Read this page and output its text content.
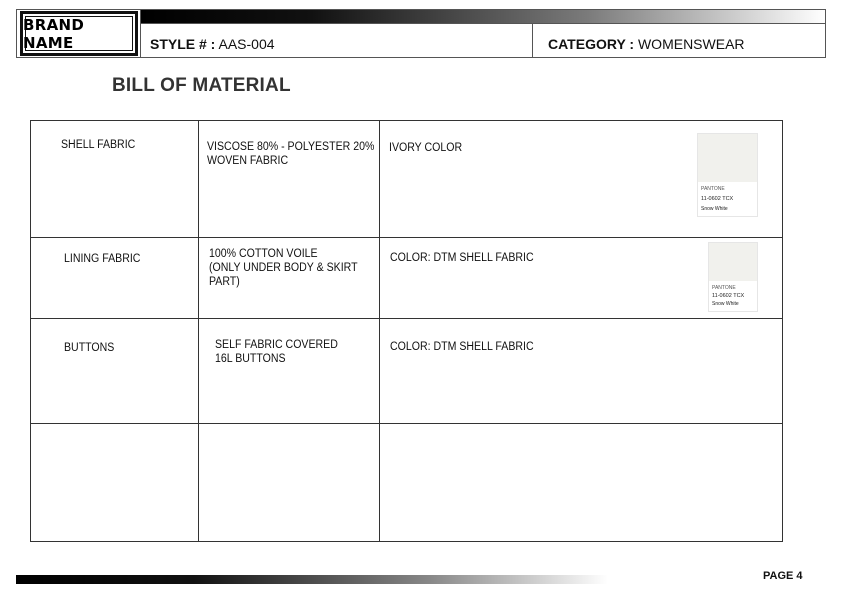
BRAND NAME	STYLE # : AAS-004	CATEGORY : WOMENSWEAR
BILL OF MATERIAL
SHELL FABRIC	VISCOSE 80% - POLYESTER 20%
WOVEN FABRIC
IVORY COLOR
PANTONE
11-0602 TCX
Snow White
LINING FABRIC	100% COTTON VOILE
(ONLY UNDER BODY & SKIRT
PART)
COLOR: DTM SHELL FABRIC
PANTONE
11-0602 TCX
Snow White
BUTTONS	SELF FABRIC COVERED
16L BUTTONS
COLOR: DTM SHELL FABRIC
PAGE 4
